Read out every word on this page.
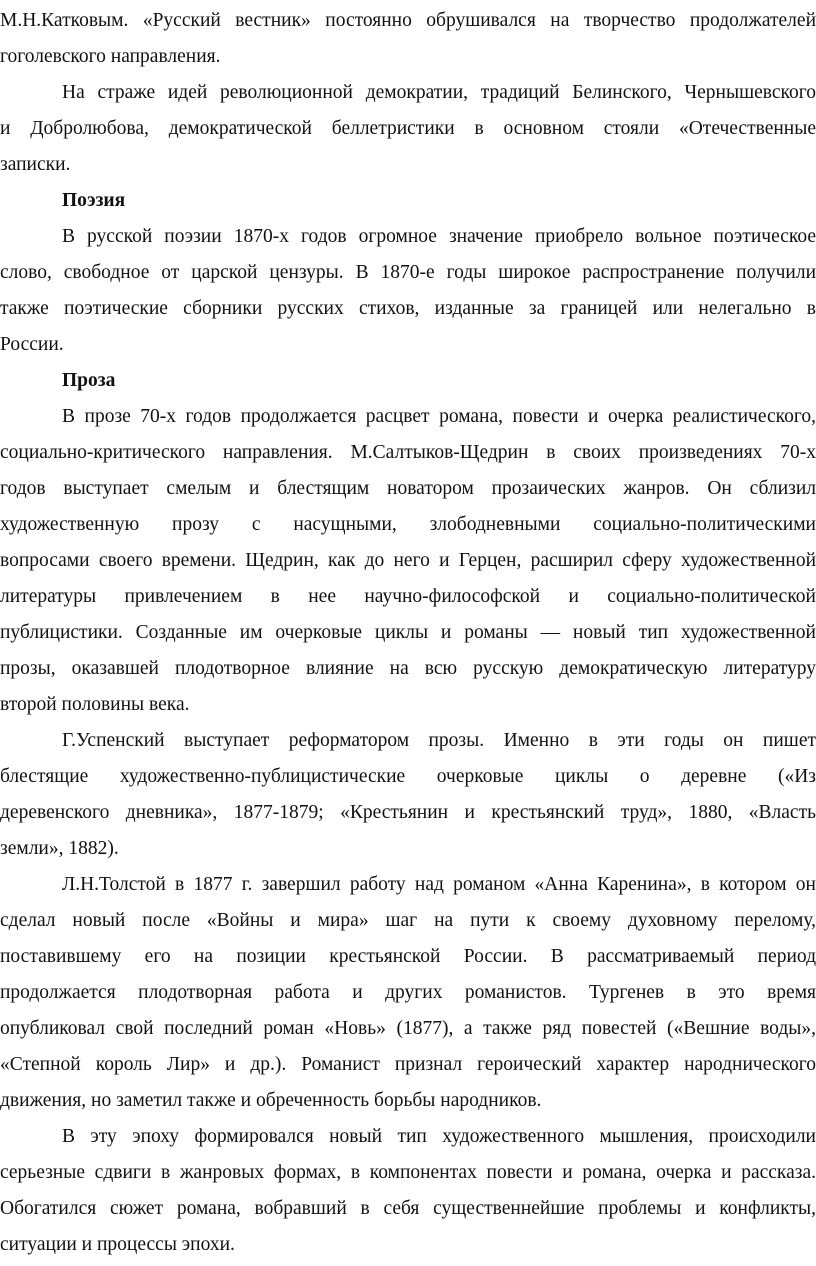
М.Н.Катковым. «Русский вестник» постоянно обрушивался на творчество продолжателей
гоголевского направления.
На страже идей революционной демократии, традиций Белинского, Чернышевского
и Добролюбова, демократической беллетристики в основном стояли «Отечественные
записки.
Поэзия
В русской поэзии 1870-х годов огромное значение приобрело вольное поэтическое
слово, свободное от царской цензуры. В 1870-е годы широкое распространение получили
также поэтические сборники русских стихов, изданные за границей или нелегально в
России.
Проза
В прозе 70-х годов продолжается расцвет романа, повести и очерка реалистического,
социально-критического направления. М.Салтыков-Щедрин в своих произведениях 70-х
годов выступает смелым и блестящим новатором прозаических жанров. Он сблизил
художественную прозу с насущными, злободневными социально-политическими
вопросами своего времени. Щедрин, как до него и Герцен, расширил сферу художественной
литературы привлечением в нее научно-философской и социально-политической
публицистики. Созданные им очерковые циклы и романы — новый тип художественной
прозы, оказавшей плодотворное влияние на всю русскую демократическую литературу
второй половины века.
Г.Успенский выступает реформатором прозы. Именно в эти годы он пишет
блестящие художественно-публицистические очерковые циклы о деревне («Из
деревенского дневника», 1877-1879; «Крестьянин и крестьянский труд», 1880, «Власть
земли», 1882).
Л.Н.Толстой в 1877 г. завершил работу над романом «Анна Каренина», в котором он
сделал новый после «Войны и мира» шаг на пути к своему духовному перелому,
поставившему его на позиции крестьянской России. В рассматриваемый период
продолжается плодотворная работа и других романистов. Тургенев в это время
опубликовал свой последний роман «Новь» (1877), а также ряд повестей («Вешние воды»,
«Степной король Лир» и др.). Романист признал героический характер народнического
движения, но заметил также и обреченность борьбы народников.
В эту эпоху формировался новый тип художественного мышления, происходили
серьезные сдвиги в жанровых формах, в компонентах повести и романа, очерка и рассказа.
Обогатился сюжет романа, вобравший в себя существеннейшие проблемы и конфликты,
ситуации и процессы эпохи.
